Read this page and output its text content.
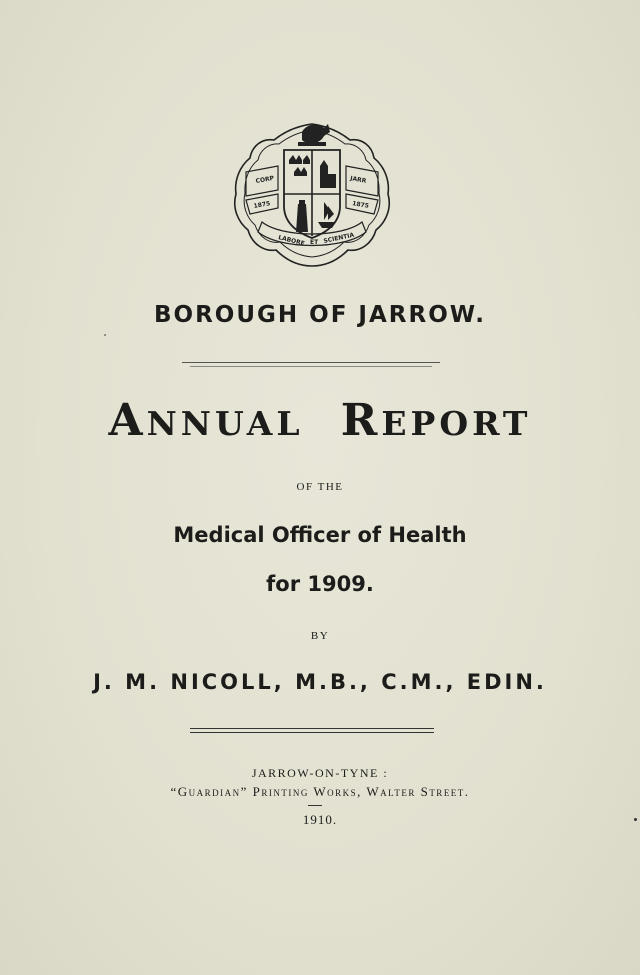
CORP	JARR
1875	1875
LABORE ET SCIENTIA
BOROUGH OF JARROW.
ANNUAL REPORT
OF THE
Medical Officer of Health
for 1909.
BY
J. M. NICOLL, M.B., C.M., EDIN.
JARROW-ON-TYNE :
“Guardian” Printing Works, Walter Street.
1910.
